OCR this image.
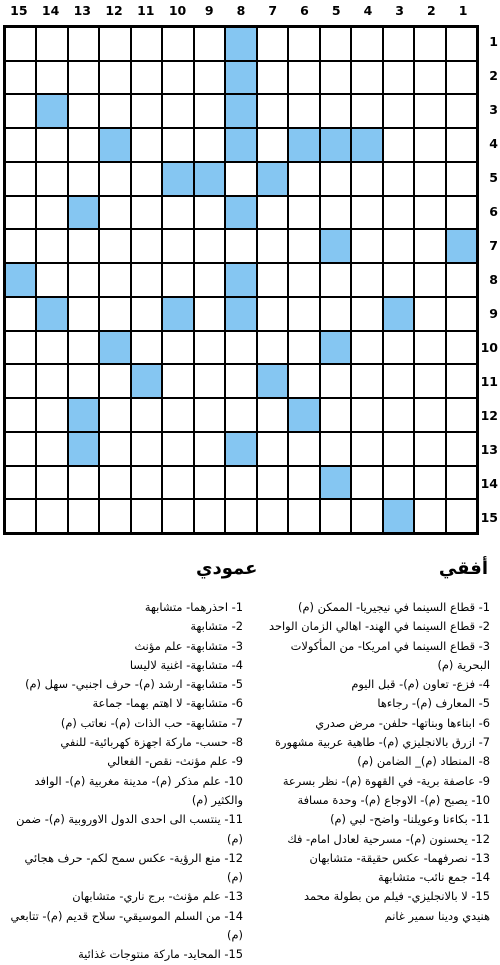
15	14	13	12	11	10	9	8	7	6	5	4	3	2	1
1
2
3
4
5
6
7
8
9
10
11
12
13
14
15
أفقي
عمودي
1- قطاع السينما في نيجيريا- الممكن (م)
2- قطاع السينما في الهند- اهالي الزمان الواحد
3- قطاع السينما في امريكا- من المأكولات
البحرية (م)
4- فزع- تعاون (م)- قبل اليوم
5- المعارف (م)- رجاءها
6- ابناءها وبناتها- حلفن- مرض صدري
7- ازرق بالانجليزي (م)- طاهية عربية مشهورة
8- المنطاد (م)_ الضامن (م)
9- عاصفة برية- في القهوة (م)- نظر بسرعة
10- يصبح (م)- الاوجاع (م)- وحدة مسافة
11- بكاءنا وعويلنا- واضح- لبي (م)
12- يحسنون (م)- مسرحية لعادل امام- فك
13- نصرفهما- عكس حقيقة- متشابهان
14- جمع نائب- متشابهة
15- لا بالانجليزي- فيلم من بطولة محمد
هنيدي ودينا سمير غانم
1- احذرهما- متشابهة
2- متشابهة
3- متشابهة- علم مؤنث
4- متشابهة- اغنية لاليسا
5- متشابهة- ارشد (م)- حرف اجنبي- سهل (م)
6- متشابهة- لا اهتم بهما- جماعة
7- متشابهة- حب الذات (م)- نعاتب (م)
8- حسب- ماركة اجهزة كهربائية- للنفي
9- علم مؤنث- نقص- الفعالي
10- علم مذكر (م)- مدينة مغربية (م)- الوافد
والكثير (م)
11- ينتسب الى احدى الدول الاوروبية (م)- ضمن (م)
12- منع الرؤية- عكس سمح لكم- حرف هجائي (م)
13- علم مؤنث- برج ناري- متشابهان
14- من السلم الموسيقي- سلاح قديم (م)- تتابعي (م)
15- المحايد- ماركة منتوجات غذائية
